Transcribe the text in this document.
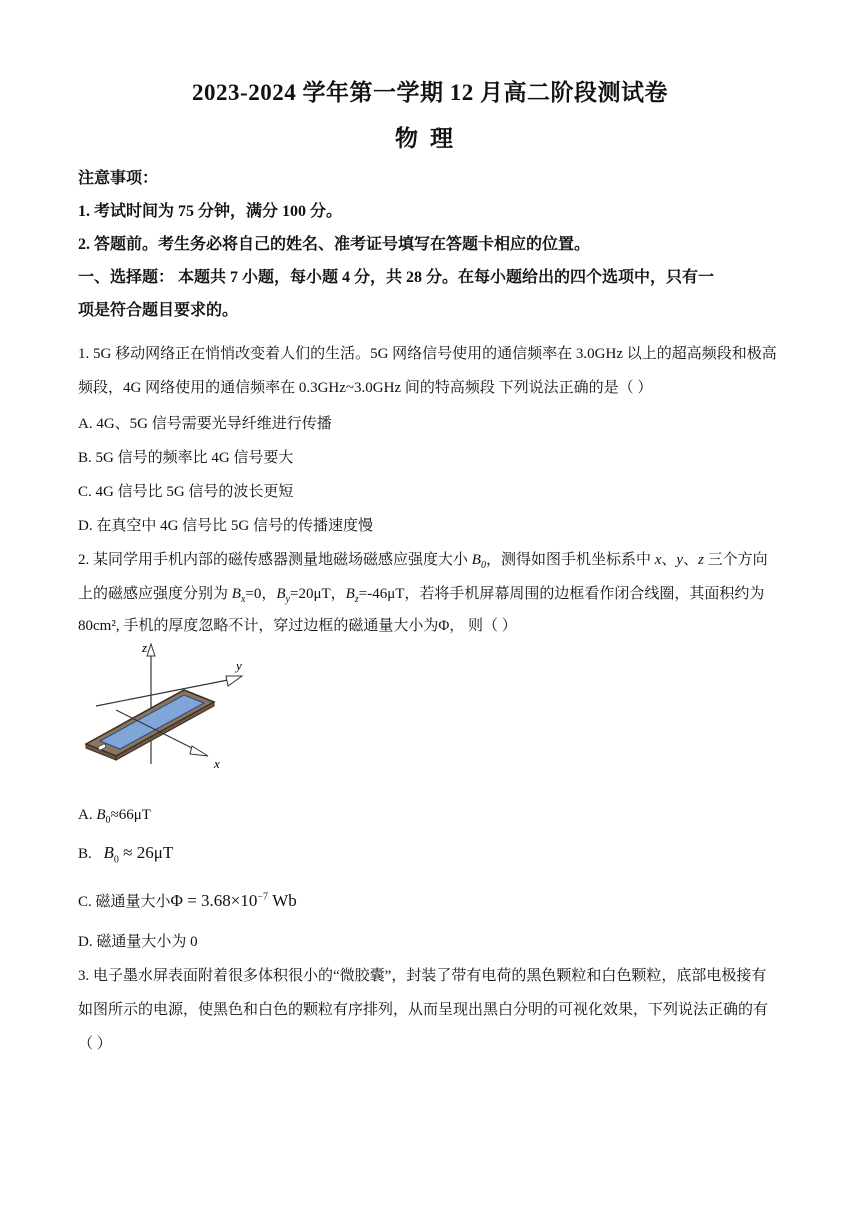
2023-2024 学年第一学期 12 月高二阶段测试卷
物理
注意事项：
1. 考试时间为 75 分钟，满分 100 分。
2. 答题前。考生务必将自己的姓名、准考证号填写在答题卡相应的位置。
一、选择题： 本题共 7 小题，每小题 4 分，共 28 分。在每小题给出的四个选项中，只有一
项是符合题目要求的。
1. 5G 移动网络正在悄悄改变着人们的生活。5G 网络信号使用的通信频率在 3.0GHz 以上的超高频段和极高
频段，4G 网络使用的通信频率在 0.3GHz~3.0GHz 间的特高频段 下列说法正确的是（ ）
A. 4G、5G 信号需要光导纤维进行传播
B. 5G 信号的频率比 4G 信号要大
C. 4G 信号比 5G 信号的波长更短
D. 在真空中 4G 信号比 5G 信号的传播速度慢
2. 某同学用手机内部的磁传感器测量地磁场磁感应强度大小 $B_0$，测得如图手机坐标系中 x、y、z 三个方向
上的磁感应强度分别为 $B_x=0$，$B_y=20\mu T$，$B_z=-46\mu T$，若将手机屏幕周围的边框看作闭合线圈，其面积约为
80cm², 手机的厚度忽略不计，穿过边框的磁通量大小为Φ， 则（ ）
z
y
x
A. $B_0\approx 66\mu T$
B. $B_0 \approx 26\mu T$
C. 磁通量大小$\Phi = 3.68\times 10^{-7}$ Wb
D. 磁通量大小为 0
3. 电子墨水屏表面附着很多体积很小的“微胶囊”，封装了带有电荷的黑色颗粒和白色颗粒，底部电极接有
如图所示的电源，使黑色和白色的颗粒有序排列，从而呈现出黑白分明的可视化效果，下列说法正确的有
（ ）
